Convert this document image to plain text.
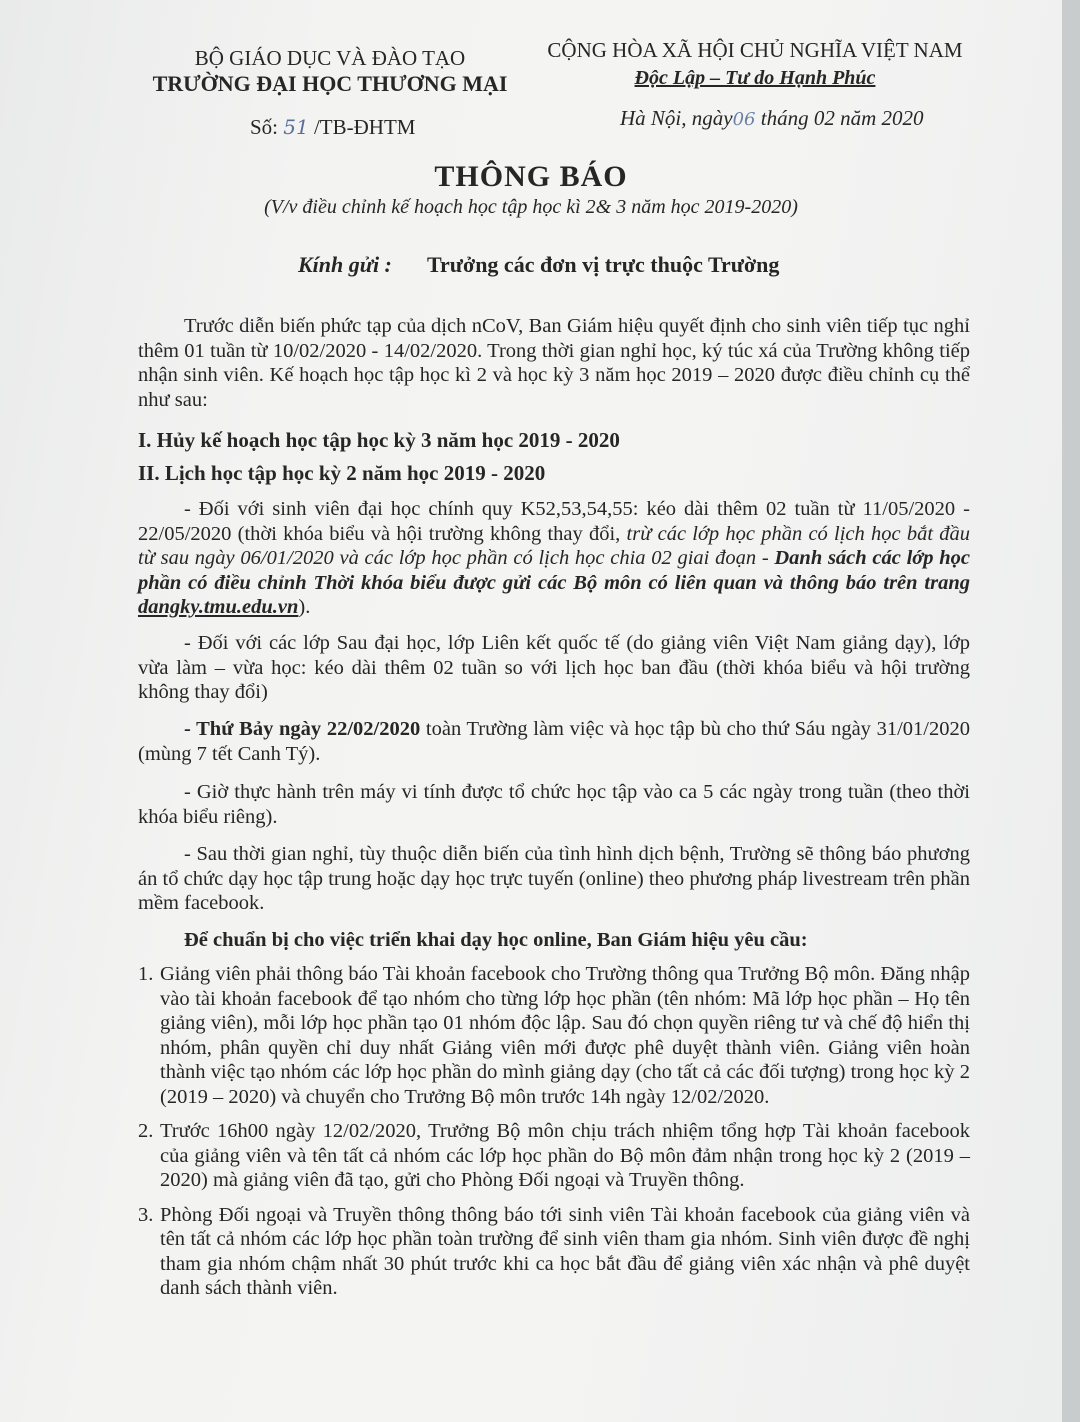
BỘ GIÁO DỤC VÀ ĐÀO TẠO
TRƯỜNG ĐẠI HỌC THƯƠNG MẠI
CỘNG HÒA XÃ HỘI CHỦ NGHĨA VIỆT NAM
Độc Lập – Tư do Hạnh Phúc
Số: 51 /TB-ĐHTM	Hà Nội, ngày06 tháng 02 năm 2020
THÔNG BÁO
(V/v điều chỉnh kế hoạch học tập học kì 2& 3 năm học 2019-2020)
Kính gửi : Trưởng các đơn vị trực thuộc Trường
Trước diễn biến phức tạp của dịch nCoV, Ban Giám hiệu quyết định cho sinh viên tiếp tục nghỉ thêm 01 tuần từ 10/02/2020 - 14/02/2020. Trong thời gian nghỉ học, ký túc xá của Trường không tiếp nhận sinh viên. Kế hoạch học tập học kì 2 và học kỳ 3 năm học 2019 – 2020 được điều chỉnh cụ thể như sau:
I. Hủy kế hoạch học tập học kỳ 3 năm học 2019 - 2020
II. Lịch học tập học kỳ 2 năm học 2019 - 2020
- Đối với sinh viên đại học chính quy K52,53,54,55: kéo dài thêm 02 tuần từ 11/05/2020 - 22/05/2020 (thời khóa biểu và hội trường không thay đổi, trừ các lớp học phần có lịch học bắt đầu từ sau ngày 06/01/2020 và các lớp học phần có lịch học chia 02 giai đoạn - Danh sách các lớp học phần có điều chỉnh Thời khóa biểu được gửi các Bộ môn có liên quan và thông báo trên trang dangky.tmu.edu.vn).
- Đối với các lớp Sau đại học, lớp Liên kết quốc tế (do giảng viên Việt Nam giảng dạy), lớp vừa làm – vừa học: kéo dài thêm 02 tuần so với lịch học ban đầu (thời khóa biểu và hội trường không thay đổi)
- Thứ Bảy ngày 22/02/2020 toàn Trường làm việc và học tập bù cho thứ Sáu ngày 31/01/2020 (mùng 7 tết Canh Tý).
- Giờ thực hành trên máy vi tính được tổ chức học tập vào ca 5 các ngày trong tuần (theo thời khóa biểu riêng).
- Sau thời gian nghỉ, tùy thuộc diễn biến của tình hình dịch bệnh, Trường sẽ thông báo phương án tổ chức dạy học tập trung hoặc dạy học trực tuyến (online) theo phương pháp livestream trên phần mềm facebook.
Để chuẩn bị cho việc triển khai dạy học online, Ban Giám hiệu yêu cầu:

1. Giảng viên phải thông báo Tài khoản facebook cho Trường thông qua Trưởng Bộ môn. Đăng nhập vào tài khoản facebook để tạo nhóm cho từng lớp học phần (tên nhóm: Mã lớp học phần – Họ tên giảng viên), mỗi lớp học phần tạo 01 nhóm độc lập. Sau đó chọn quyền riêng tư và chế độ hiển thị nhóm, phân quyền chỉ duy nhất Giảng viên mới được phê duyệt thành viên. Giảng viên hoàn thành việc tạo nhóm các lớp học phần do mình giảng dạy (cho tất cả các đối tượng) trong học kỳ 2 (2019 – 2020) và chuyển cho Trưởng Bộ môn trước 14h ngày 12/02/2020.

2. Trước 16h00 ngày 12/02/2020, Trưởng Bộ môn chịu trách nhiệm tổng hợp Tài khoản facebook của giảng viên và tên tất cả nhóm các lớp học phần do Bộ môn đảm nhận trong học kỳ 2 (2019 – 2020) mà giảng viên đã tạo, gửi cho Phòng Đối ngoại và Truyền thông.

3. Phòng Đối ngoại và Truyền thông thông báo tới sinh viên Tài khoản facebook của giảng viên và tên tất cả nhóm các lớp học phần toàn trường để sinh viên tham gia nhóm. Sinh viên được đề nghị tham gia nhóm chậm nhất 30 phút trước khi ca học bắt đầu để giảng viên xác nhận và phê duyệt danh sách thành viên.
